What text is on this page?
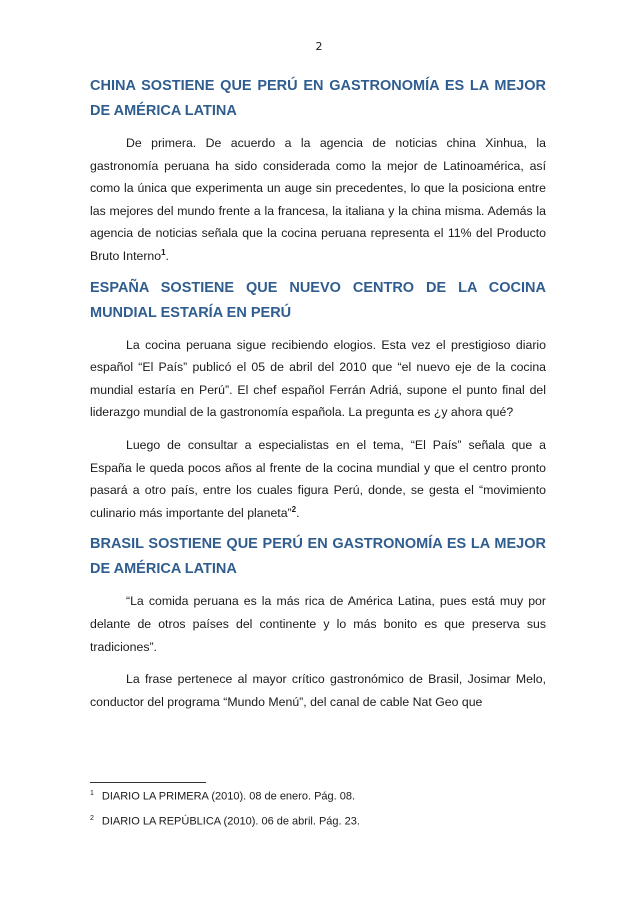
2
CHINA SOSTIENE QUE PERÚ EN GASTRONOMÍA ES LA MEJOR DE AMÉRICA LATINA

De primera. De acuerdo a la agencia de noticias china Xinhua, la gastronomía peruana ha sido considerada como la mejor de Latinoamérica, así como la única que experimenta un auge sin precedentes, lo que la posiciona entre las mejores del mundo frente a la francesa, la italiana y la china misma. Además la agencia de noticias señala que la cocina peruana representa el 11% del Producto Bruto Interno$^1$.

ESPAÑA SOSTIENE QUE NUEVO CENTRO DE LA COCINA MUNDIAL ESTARÍA EN PERÚ

La cocina peruana sigue recibiendo elogios. Esta vez el prestigioso diario español “El País” publicó el 05 de abril del 2010 que “el nuevo eje de la cocina mundial estaría en Perú”. El chef español Ferrán Adriá, supone el punto final del liderazgo mundial de la gastronomía española. La pregunta es ¿y ahora qué?

Luego de consultar a especialistas en el tema, “El País” señala que a España le queda pocos años al frente de la cocina mundial y que el centro pronto pasará a otro país, entre los cuales figura Perú, donde, se gesta el “movimiento culinario más importante del planeta”$^2$.

BRASIL SOSTIENE QUE PERÚ EN GASTRONOMÍA ES LA MEJOR DE AMÉRICA LATINA

“La comida peruana es la más rica de América Latina, pues está muy por delante de otros países del continente y lo más bonito es que preserva sus tradiciones”.

La frase pertenece al mayor crítico gastronómico de Brasil, Josimar Melo, conductor del programa “Mundo Menú”, del canal de cable Nat Geo que

$^1$ DIARIO LA PRIMERA (2010). 08 de enero. Pág. 08.
$^2$ DIARIO LA REPÚBLICA (2010). 06 de abril. Pág. 23.
